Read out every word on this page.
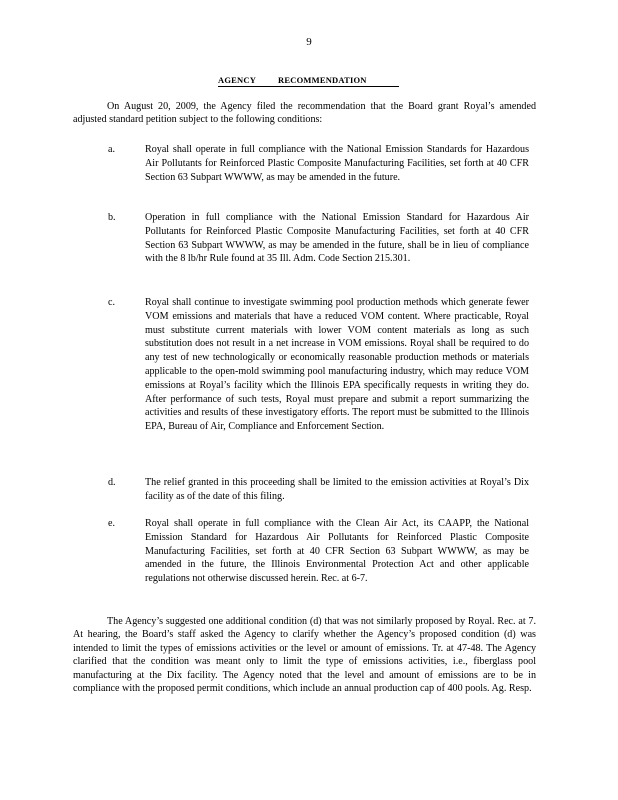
9
AGENCY	RECOMMENDATION
On August 20, 2009, the Agency filed the recommendation that the Board grant Royal’s amended adjusted standard petition subject to the following conditions:
a.	Royal shall operate in full compliance with the National Emission Standards for Hazardous Air Pollutants for Reinforced Plastic Composite Manufacturing Facilities, set forth at 40 CFR Section 63 Subpart WWWW, as may be amended in the future.
b.	Operation in full compliance with the National Emission Standard for Hazardous Air Pollutants for Reinforced Plastic Composite Manufacturing Facilities, set forth at 40 CFR Section 63 Subpart WWWW, as may be amended in the future, shall be in lieu of compliance with the 8 lb/hr Rule found at 35 Ill. Adm. Code Section 215.301.
c.	Royal shall continue to investigate swimming pool production methods which generate fewer VOM emissions and materials that have a reduced VOM content. Where practicable, Royal must substitute current materials with lower VOM content materials as long as such substitution does not result in a net increase in VOM emissions. Royal shall be required to do any test of new technologically or economically reasonable production methods or materials applicable to the open-mold swimming pool manufacturing industry, which may reduce VOM emissions at Royal’s facility which the Illinois EPA specifically requests in writing they do. After performance of such tests, Royal must prepare and submit a report summarizing the activities and results of these investigatory efforts. The report must be submitted to the Illinois EPA, Bureau of Air, Compliance and Enforcement Section.
d.	The relief granted in this proceeding shall be limited to the emission activities at Royal’s Dix facility as of the date of this filing.
e.	Royal shall operate in full compliance with the Clean Air Act, its CAAPP, the National Emission Standard for Hazardous Air Pollutants for Reinforced Plastic Composite Manufacturing Facilities, set forth at 40 CFR Section 63 Subpart WWWW, as may be amended in the future, the Illinois Environmental Protection Act and other applicable regulations not otherwise discussed herein. Rec. at 6-7.
The Agency’s suggested one additional condition (d) that was not similarly proposed by Royal. Rec. at 7. At hearing, the Board’s staff asked the Agency to clarify whether the Agency’s proposed condition (d) was intended to limit the types of emissions activities or the level or amount of emissions. Tr. at 47-48. The Agency clarified that the condition was meant only to limit the type of emissions activities, i.e., fiberglass pool manufacturing at the Dix facility. The Agency noted that the level and amount of emissions are to be in compliance with the proposed permit conditions, which include an annual production cap of 400 pools. Ag. Resp.
